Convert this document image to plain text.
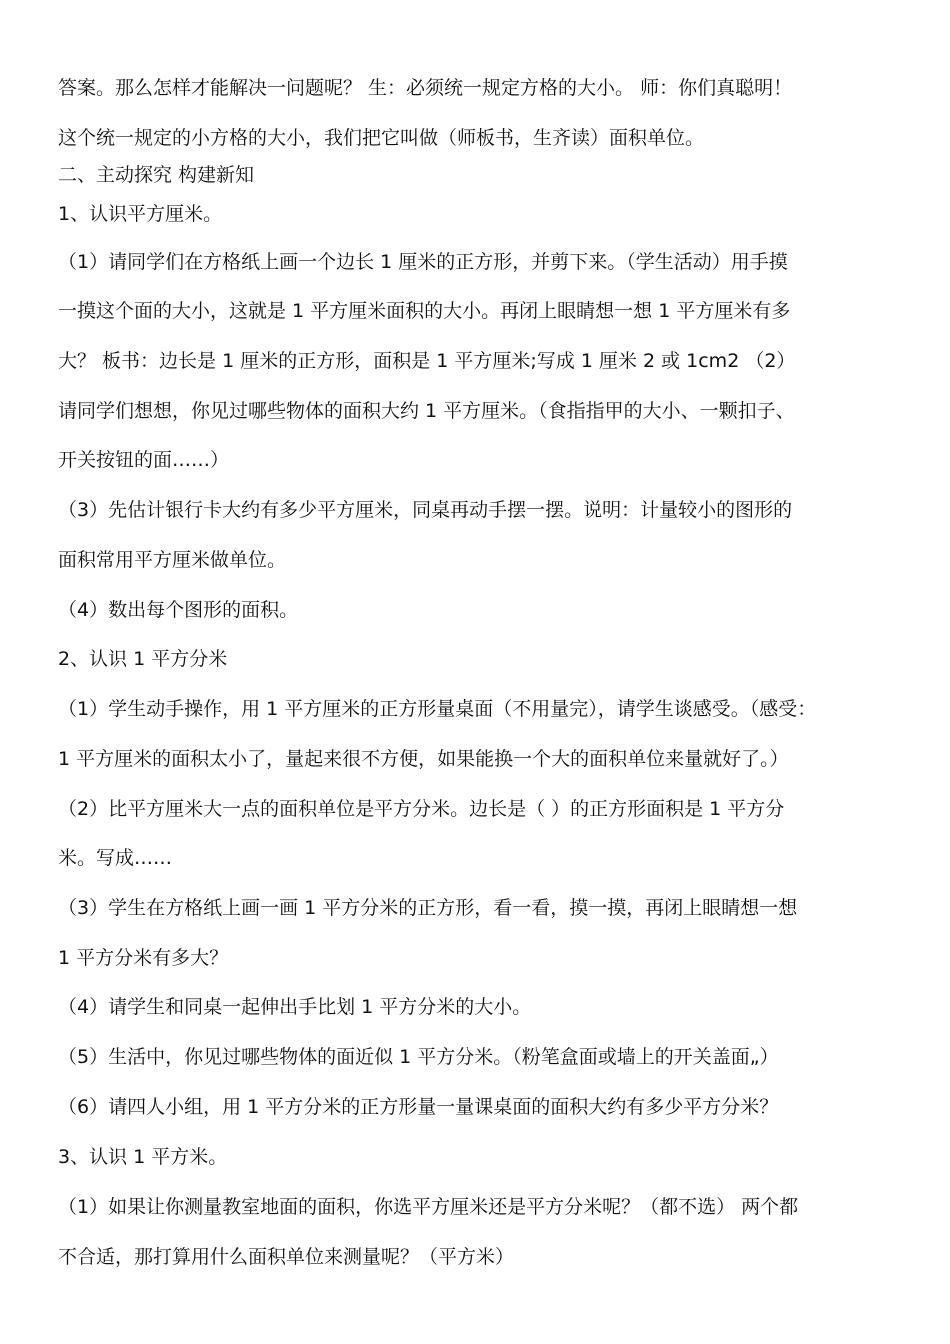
答案。那么怎样才能解决一问题呢？ 生：必须统一规定方格的大小。 师：你们真聪明！
这个统一规定的小方格的大小，我们把它叫做（师板书，生齐读）面积单位。
二、主动探究 构建新知
1、认识平方厘米。
（1）请同学们在方格纸上画一个边长 1 厘米的正方形，并剪下来。（学生活动）用手摸
一摸这个面的大小，这就是 1 平方厘米面积的大小。再闭上眼睛想一想 1 平方厘米有多
大？ 板书：边长是 1 厘米的正方形，面积是 1 平方厘米;写成 1 厘米 2 或 1cm2 （2）
请同学们想想，你见过哪些物体的面积大约 1 平方厘米。（食指指甲的大小、一颗扣子、
开关按钮的面……）
（3）先估计银行卡大约有多少平方厘米，同桌再动手摆一摆。说明：计量较小的图形的
面积常用平方厘米做单位。
（4）数出每个图形的面积。
2、认识 1 平方分米
（1）学生动手操作，用 1 平方厘米的正方形量桌面（不用量完），请学生谈感受。（感受：
1 平方厘米的面积太小了，量起来很不方便，如果能换一个大的面积单位来量就好了。）
（2）比平方厘米大一点的面积单位是平方分米。边长是（ ）的正方形面积是 1 平方分
米。写成……
（3）学生在方格纸上画一画 1 平方分米的正方形，看一看，摸一摸，再闭上眼睛想一想
1 平方分米有多大？
（4）请学生和同桌一起伸出手比划 1 平方分米的大小。
（5）生活中，你见过哪些物体的面近似 1 平方分米。（粉笔盒面或墙上的开关盖面„）
（6）请四人小组，用 1 平方分米的正方形量一量课桌面的面积大约有多少平方分米？
3、认识 1 平方米。
（1）如果让你测量教室地面的面积，你选平方厘米还是平方分米呢？（都不选） 两个都
不合适，那打算用什么面积单位来测量呢？（平方米）
